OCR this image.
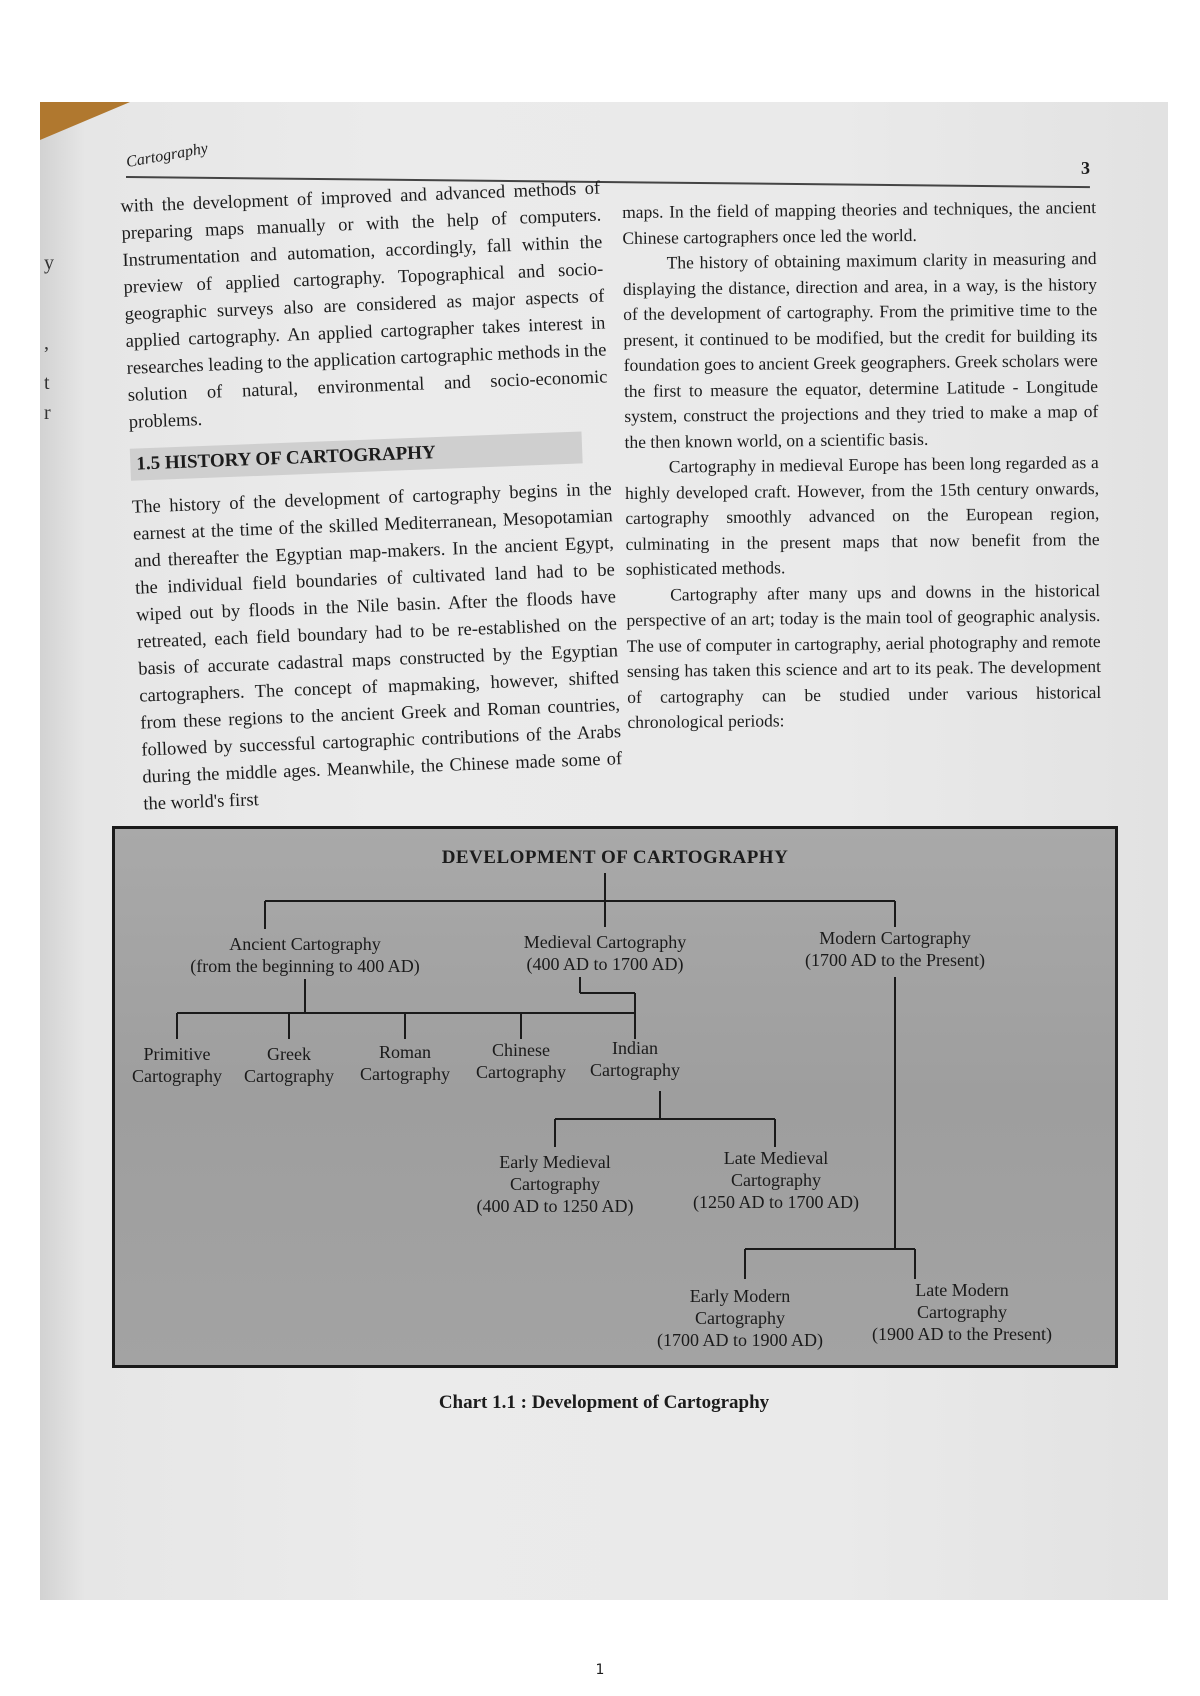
y
,
t
r
Cartography	3

with the development of improved and advanced methods of preparing maps manually or with the help of computers. Instrumentation and automation, accordingly, fall within the preview of applied cartography. Topographical and socio-geographic surveys also are considered as major aspects of applied cartography. An applied cartographer takes interest in researches leading to the application cartographic methods in the solution of natural, environmental and socio-economic problems.

1.5 HISTORY OF CARTOGRAPHY

The history of the development of cartography begins in the earnest at the time of the skilled Mediterranean, Mesopotamian and thereafter the Egyptian map-makers. In the ancient Egypt, the individual field boundaries of cultivated land had to be wiped out by floods in the Nile basin. After the floods have retreated, each field boundary had to be re-established on the basis of accurate cadastral maps constructed by the Egyptian cartographers. The concept of mapmaking, however, shifted from these regions to the ancient Greek and Roman countries, followed by successful cartographic contributions of the Arabs during the middle ages. Meanwhile, the Chinese made some of the world's first

maps. In the field of mapping theories and techniques, the ancient Chinese cartographers once led the world.

The history of obtaining maximum clarity in measuring and displaying the distance, direction and area, in a way, is the history of the development of cartography. From the primitive time to the present, it continued to be modified, but the credit for building its foundation goes to ancient Greek geographers. Greek scholars were the first to measure the equator, determine Latitude - Longitude system, construct the projections and they tried to make a map of the then known world, on a scientific basis.

Cartography in medieval Europe has been long regarded as a highly developed craft. However, from the 15th century onwards, cartography smoothly advanced on the European region, culminating in the present maps that now benefit from the sophisticated methods.

Cartography after many ups and downs in the historical perspective of an art; today is the main tool of geographic analysis. The use of computer in cartography, aerial photography and remote sensing has taken this science and art to its peak. The development of cartography can be studied under various historical chronological periods:

DEVELOPMENT OF CARTOGRAPHY
Ancient Cartography
(from the beginning to 400 AD)
Medieval Cartography
(400 AD to 1700 AD)
Modern Cartography
(1700 AD to the Present)
Primitive
Cartography
Greek
Cartography
Roman
Cartography
Chinese
Cartography
Indian
Cartography
Early Medieval
Cartography
(400 AD to 1250 AD)
Late Medieval
Cartography
(1250 AD to 1700 AD)
Early Modern
Cartography
(1700 AD to 1900 AD)
Late Modern
Cartography
(1900 AD to the Present)
Chart 1.1 : Development of Cartography
1
